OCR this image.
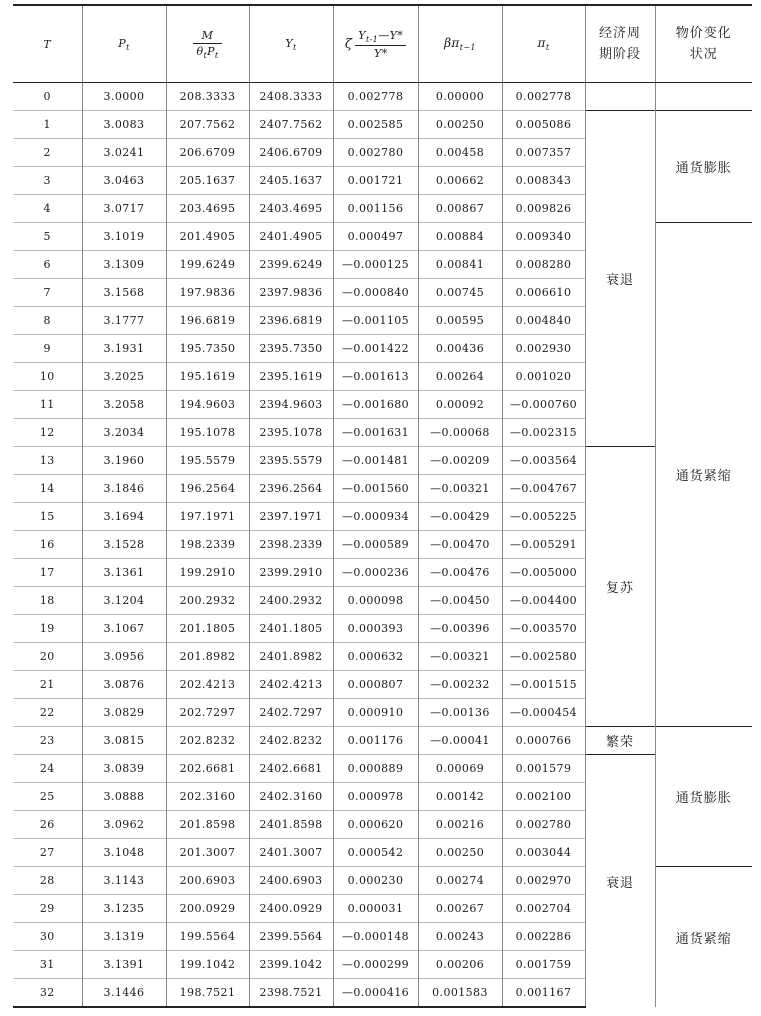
T	$P_t$	$\frac{M}{\theta_tP_t}$	$Y_t$	ζ $\frac{Y_{t-1}—Y*}{Y*}$	$\beta\pi_{t-1}$	$\pi_t$	经济周
期阶段	物价变化
状况

0	3.0000	208.3333	2408.3333	0.002778	0.00000	0.002778		
1	3.0083	207.7562	2407.7562	0.002585	0.00250	0.005086	衰退	通货膨胀
2	3.0241	206.6709	2406.6709	0.002780	0.00458	0.007357		
3	3.0463	205.1637	2405.1637	0.001721	0.00662	0.008343		
4	3.0717	203.4695	2403.4695	0.001156	0.00867	0.009826		
5	3.1019	201.4905	2401.4905	0.000497	0.00884	0.009340		通货紧缩
6	3.1309	199.6249	2399.6249	—0.000125	0.00841	0.008280		
7	3.1568	197.9836	2397.9836	—0.000840	0.00745	0.006610		
8	3.1777	196.6819	2396.6819	—0.001105	0.00595	0.004840		
9	3.1931	195.7350	2395.7350	—0.001422	0.00436	0.002930		
10	3.2025	195.1619	2395.1619	—0.001613	0.00264	0.001020		
11	3.2058	194.9603	2394.9603	—0.001680	0.00092	—0.000760		
12	3.2034	195.1078	2395.1078	—0.001631	—0.00068	—0.002315		
13	3.1960	195.5579	2395.5579	—0.001481	—0.00209	—0.003564	复苏	
14	3.1846	196.2564	2396.2564	—0.001560	—0.00321	—0.004767		
15	3.1694	197.1971	2397.1971	—0.000934	—0.00429	—0.005225		
16	3.1528	198.2339	2398.2339	—0.000589	—0.00470	—0.005291		
17	3.1361	199.2910	2399.2910	—0.000236	—0.00476	—0.005000		
18	3.1204	200.2932	2400.2932	0.000098	—0.00450	—0.004400		
19	3.1067	201.1805	2401.1805	0.000393	—0.00396	—0.003570		
20	3.0956	201.8982	2401.8982	0.000632	—0.00321	—0.002580		
21	3.0876	202.4213	2402.4213	0.000807	—0.00232	—0.001515		
22	3.0829	202.7297	2402.7297	0.000910	—0.00136	—0.000454		
23	3.0815	202.8232	2402.8232	0.001176	—0.00041	0.000766	繁荣	通货膨胀
24	3.0839	202.6681	2402.6681	0.000889	0.00069	0.001579	衰退	
25	3.0888	202.3160	2402.3160	0.000978	0.00142	0.002100		
26	3.0962	201.8598	2401.8598	0.000620	0.00216	0.002780		
27	3.1048	201.3007	2401.3007	0.000542	0.00250	0.003044		
28	3.1143	200.6903	2400.6903	0.000230	0.00274	0.002970		通货紧缩
29	3.1235	200.0929	2400.0929	0.000031	0.00267	0.002704		
30	3.1319	199.5564	2399.5564	—0.000148	0.00243	0.002286		
31	3.1391	199.1042	2399.1042	—0.000299	0.00206	0.001759		
32	3.1446	198.7521	2398.7521	—0.000416	0.001583	0.001167		
